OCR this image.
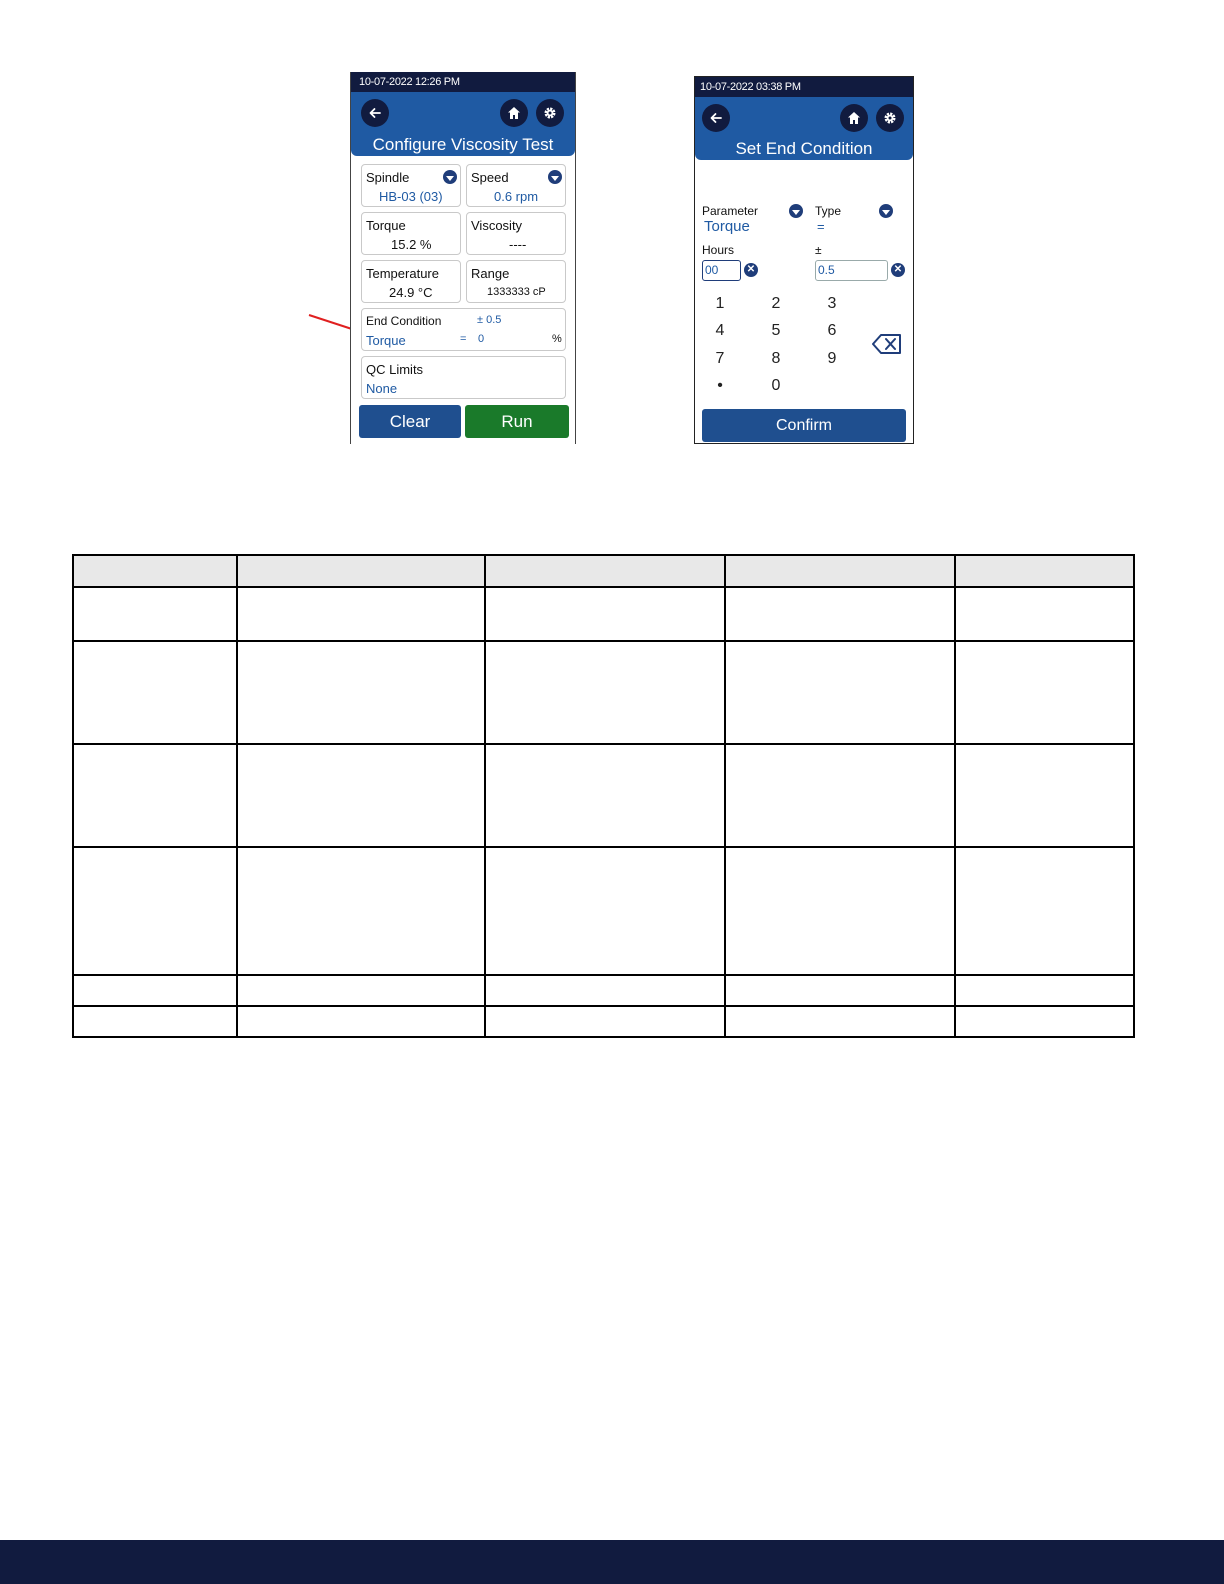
10-07-2022 12:26 PM
Configure Viscosity Test
Spindle
HB-03 (03)
Speed
0.6 rpm
Torque
15.2 %
Viscosity
----
Temperature
24.9 °C
Range
1333333 cP
End Condition	± 0.5
Torque	= 0	%
QC Limits
None
Clear	Run
10-07-2022 03:38 PM
Set End Condition
Parameter
Torque
Type
=
Hours
00	✕
±
0.5	✕
1	2	3
4	5	6
7	8	9
•	0
Confirm
